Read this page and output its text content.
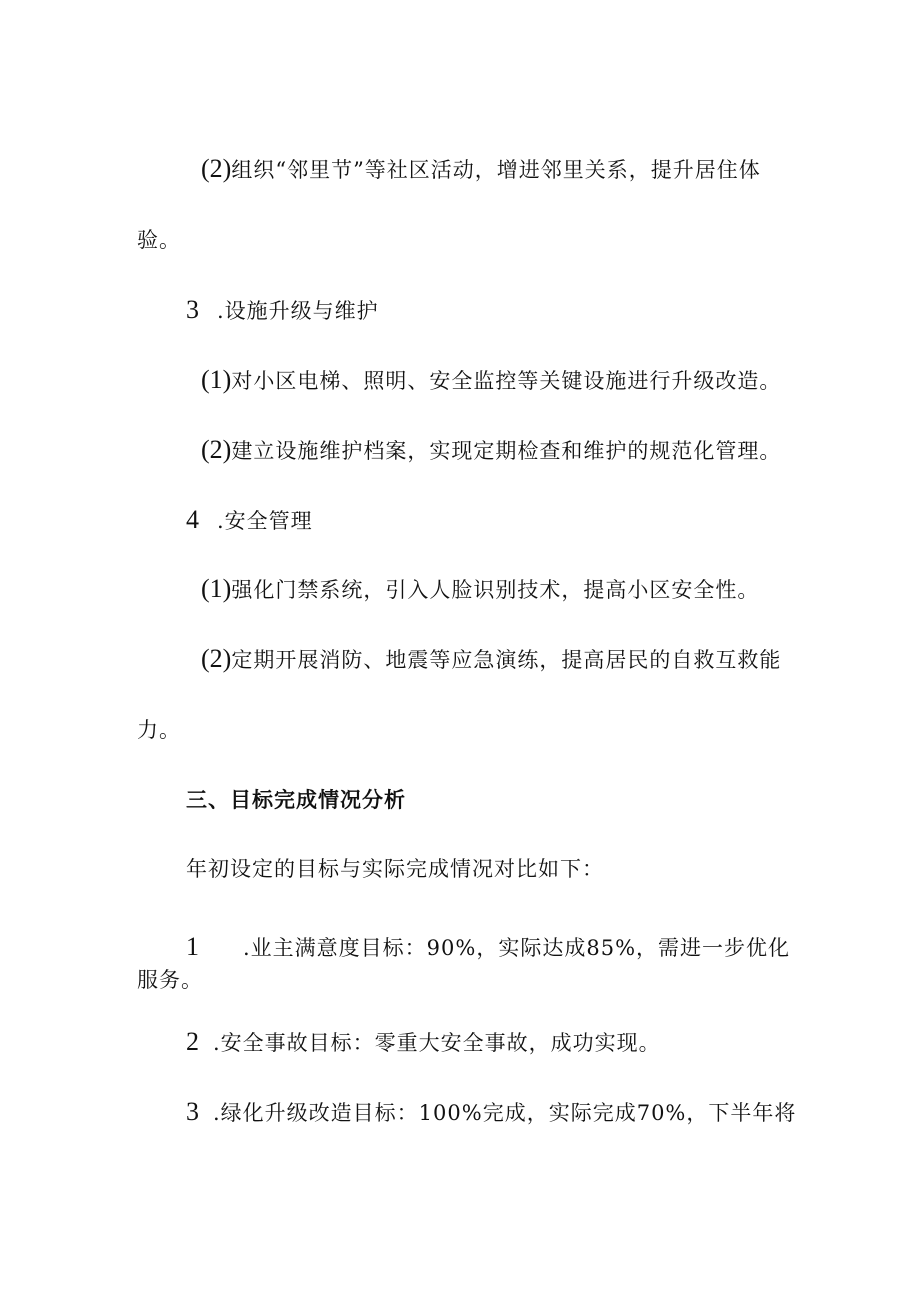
(2)组织“邻里节”等社区活动，增进邻里关系，提升居住体
验。
3 .设施升级与维护
(1)对小区电梯、照明、安全监控等关键设施进行升级改造。
(2)建立设施维护档案，实现定期检查和维护的规范化管理。
4 .安全管理
(1)强化门禁系统，引入人脸识别技术，提高小区安全性。
(2)定期开展消防、地震等应急演练，提高居民的自救互救能
力。
三、目标完成情况分析
年初设定的目标与实际完成情况对比如下：
1 .业主满意度目标：90%，实际达成85%，需进一步优化
服务。
2 .安全事故目标：零重大安全事故，成功实现。
3 .绿化升级改造目标：100%完成，实际完成70%，下半年将
